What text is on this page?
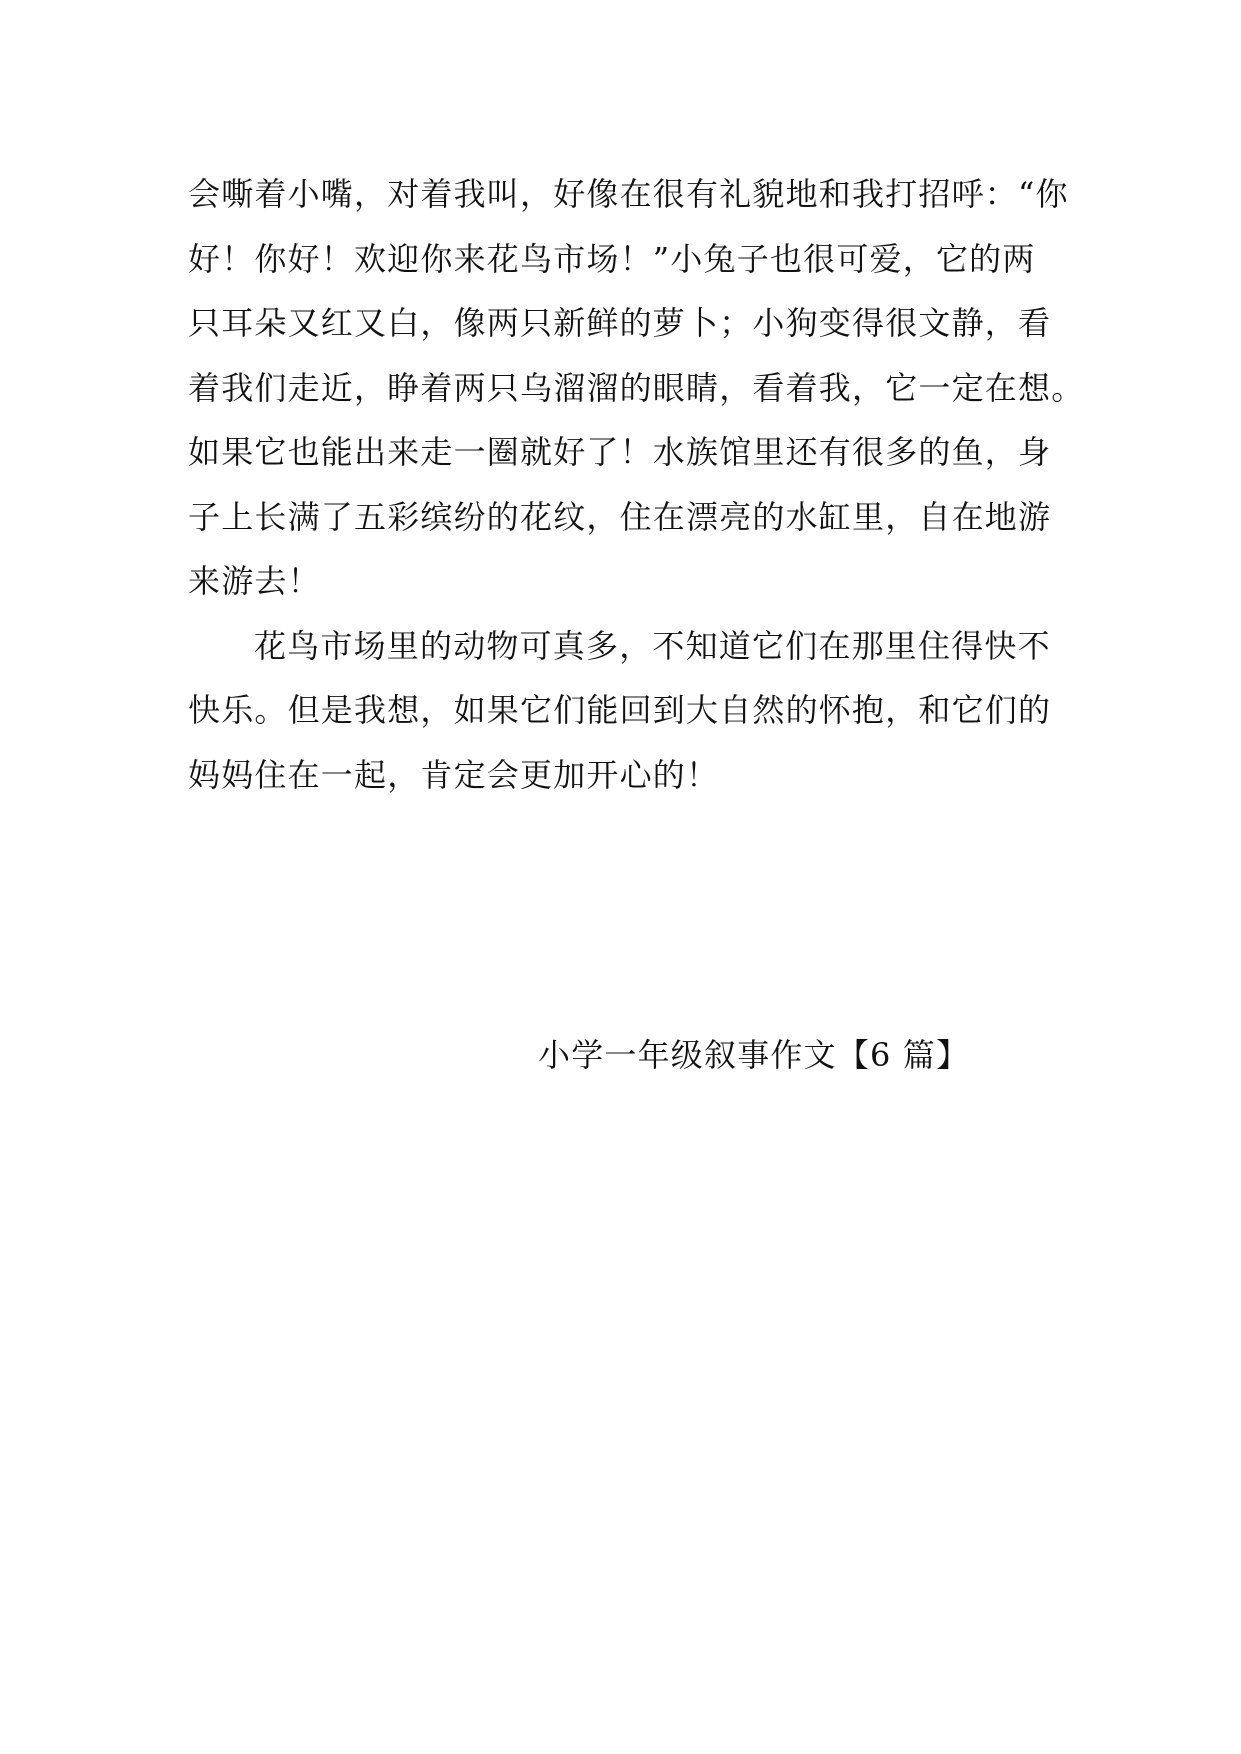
会嘶着小嘴，对着我叫，好像在很有礼貌地和我打招呼：“你
好！你好！欢迎你来花鸟市场！”小兔子也很可爱，它的两
只耳朵又红又白，像两只新鲜的萝卜；小狗变得很文静，看
着我们走近，睁着两只乌溜溜的眼睛，看着我，它一定在想。
如果它也能出来走一圈就好了！水族馆里还有很多的鱼，身
子上长满了五彩缤纷的花纹，住在漂亮的水缸里，自在地游
来游去！
花鸟市场里的动物可真多，不知道它们在那里住得快不
快乐。但是我想，如果它们能回到大自然的怀抱，和它们的
妈妈住在一起，肯定会更加开心的！
小学一年级叙事作文【6 篇】
